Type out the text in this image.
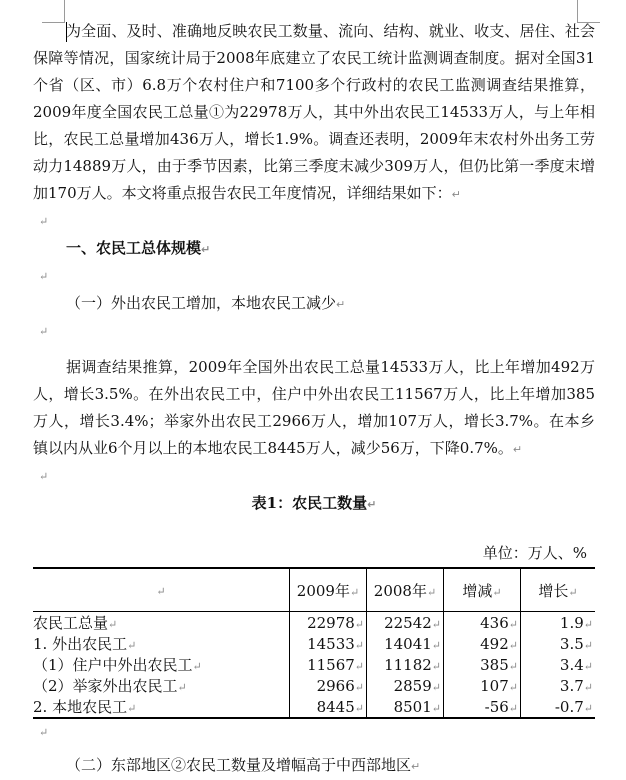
为全面、及时、准确地反映农民工数量、流向、结构、就业、收支、居住、社会保障等情况，国家统计局于2008年底建立了农民工统计监测调查制度。据对全国31个省（区、市）6.8万个农村住户和7100多个行政村的农民工监测调查结果推算，2009年度全国农民工总量①为22978万人，其中外出农民工14533万人，与上年相比，农民工总量增加436万人，增长1.9%。调查还表明，2009年末农村外出务工劳动力14889万人，由于季节因素，比第三季度末减少309万人，但仍比第一季度末增加170万人。本文将重点报告农民工年度情况，详细结果如下：↵

↵

一、农民工总体规模↵

↵

（一）外出农民工增加，本地农民工减少↵

↵

据调查结果推算，2009年全国外出农民工总量14533万人，比上年增加492万人，增长3.5%。在外出农民工中，住户中外出农民工11567万人，比上年增加385万人，增长3.4%；举家外出农民工2966万人，增加107万人，增长3.7%。在本乡镇以内从业6个月以上的本地农民工8445万人，减少56万，下降0.7%。↵

↵

表1：农民工数量↵

单位：万人、%

↵	2009年↵	2008年↵	增减↵	增长↵
农民工总量↵	22978↵	22542↵	436↵	1.9↵
1. 外出农民工↵	14533↵	14041↵	492↵	3.5↵
（1）住户中外出农民工↵	11567↵	11182↵	385↵	3.4↵
（2）举家外出农民工↵	2966↵	2859↵	107↵	3.7↵
2. 本地农民工↵	8445↵	8501↵	-56↵	-0.7↵
↵

（二）东部地区②农民工数量及增幅高于中西部地区↵
